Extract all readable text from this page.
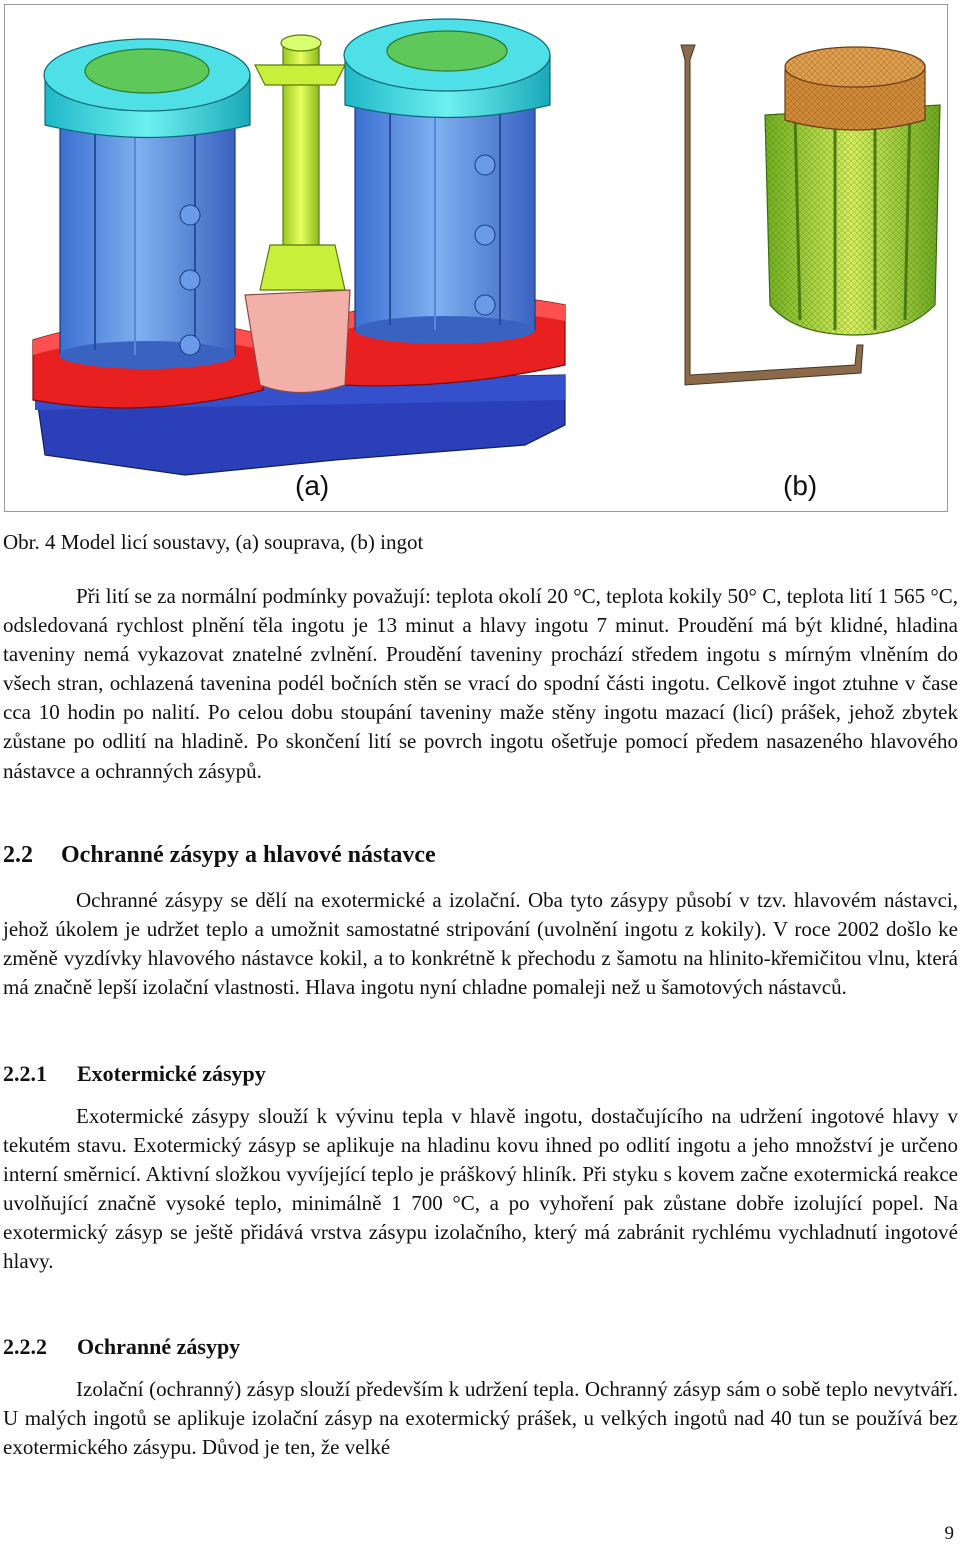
(a)	(b)
Obr. 4 Model licí soustavy, (a) souprava, (b) ingot

Při lití se za normální podmínky považují: teplota okolí 20 °C, teplota kokily 50° C, teplota lití 1 565 °C, odsledovaná rychlost plnění těla ingotu je 13 minut a hlavy ingotu 7 minut. Proudění má být klidné, hladina taveniny nemá vykazovat znatelné zvlnění. Proudění taveniny prochází středem ingotu s mírným vlněním do všech stran, ochlazená tavenina podél bočních stěn se vrací do spodní části ingotu. Celkově ingot ztuhne v čase cca 10 hodin po nalití. Po celou dobu stoupání taveniny maže stěny ingotu mazací (licí) prášek, jehož zbytek zůstane po odlití na hladině. Po skončení lití se povrch ingotu ošetřuje pomocí předem nasazeného hlavového nástavce a ochranných zásypů.

2.2 Ochranné zásypy a hlavové nástavce

Ochranné zásypy se dělí na exotermické a izolační. Oba tyto zásypy působí v tzv. hlavovém nástavci, jehož úkolem je udržet teplo a umožnit samostatné stripování (uvolnění ingotu z kokily). V roce 2002 došlo ke změně vyzdívky hlavového nástavce kokil, a to konkrétně k přechodu z šamotu na hlinito-křemičitou vlnu, která má značně lepší izolační vlastnosti. Hlava ingotu nyní chladne pomaleji než u šamotových nástavců.

2.2.1 Exotermické zásypy

Exotermické zásypy slouží k vývinu tepla v hlavě ingotu, dostačujícího na udržení ingotové hlavy v tekutém stavu. Exotermický zásyp se aplikuje na hladinu kovu ihned po odlití ingotu a jeho množství je určeno interní směrnicí. Aktivní složkou vyvíjející teplo je práškový hliník. Při styku s kovem začne exotermická reakce uvolňující značně vysoké teplo, minimálně 1 700 °C, a po vyhoření pak zůstane dobře izolující popel. Na exotermický zásyp se ještě přidává vrstva zásypu izolačního, který má zabránit rychlému vychladnutí ingotové hlavy.

2.2.2 Ochranné zásypy

Izolační (ochranný) zásyp slouží především k udržení tepla. Ochranný zásyp sám o sobě teplo nevytváří. U malých ingotů se aplikuje izolační zásyp na exotermický prášek, u velkých ingotů nad 40 tun se používá bez exotermického zásypu. Důvod je ten, že velké

9
